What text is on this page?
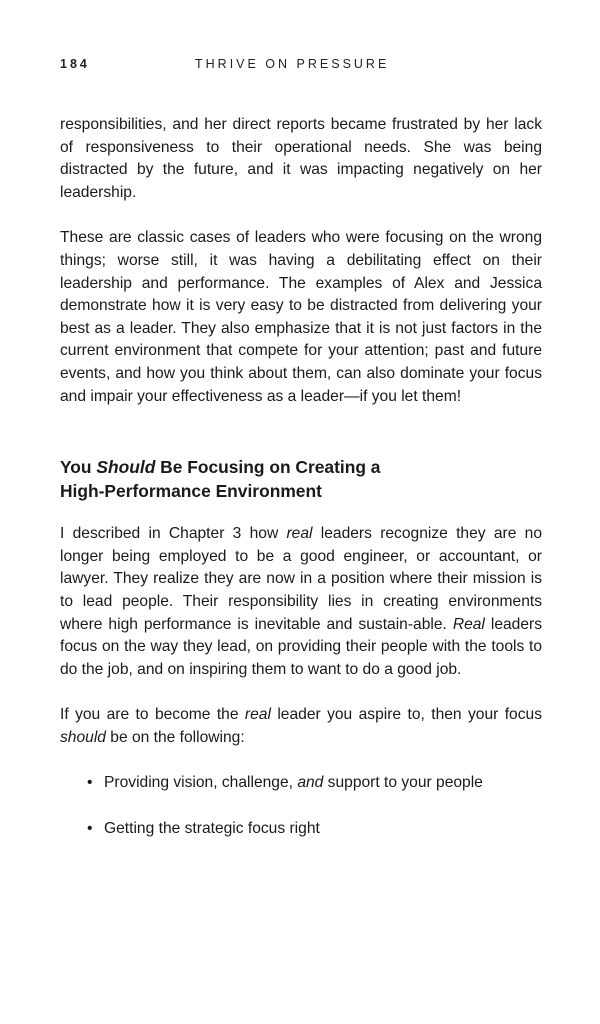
184	THRIVE ON PRESSURE

responsibilities, and her direct reports became frustrated by her lack of responsiveness to their operational needs. She was being distracted by the future, and it was impacting negatively on her leadership.

These are classic cases of leaders who were focusing on the wrong things; worse still, it was having a debilitating effect on their leadership and performance. The examples of Alex and Jessica demonstrate how it is very easy to be distracted from delivering your best as a leader. They also emphasize that it is not just factors in the current environment that compete for your attention; past and future events, and how you think about them, can also dominate your focus and impair your effectiveness as a leader—if you let them!

You Should Be Focusing on Creating a
High-Performance Environment

I described in Chapter 3 how real leaders recognize they are no longer being employed to be a good engineer, or accountant, or lawyer. They realize they are now in a position where their mission is to lead people. Their responsibility lies in creating environments where high performance is inevitable and sustain-able. Real leaders focus on the way they lead, on providing their people with the tools to do the job, and on inspiring them to want to do a good job.

If you are to become the real leader you aspire to, then your focus should be on the following:

• Providing vision, challenge, and support to your people
• Getting the strategic focus right
